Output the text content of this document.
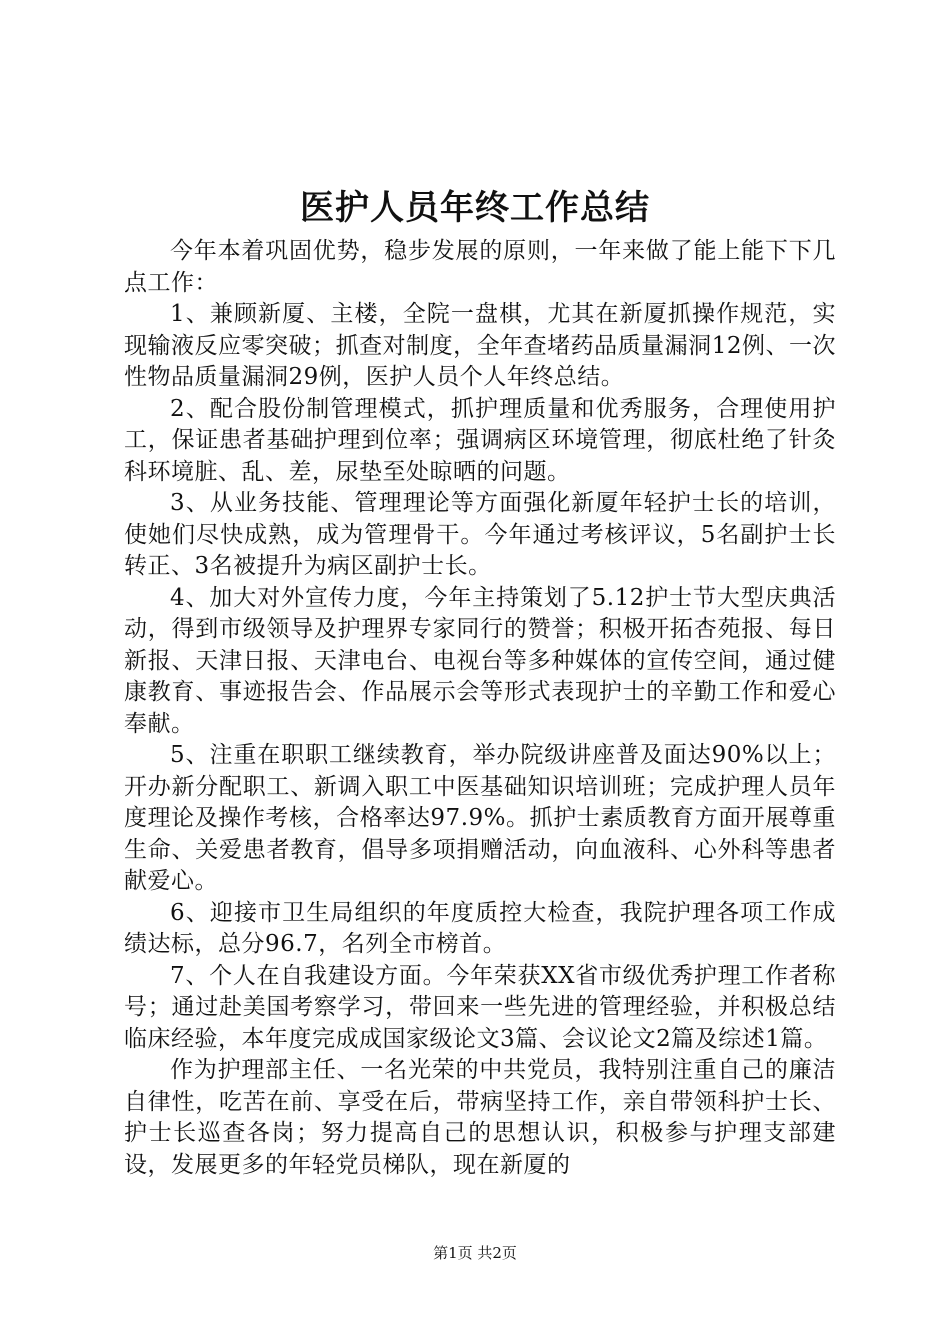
医护人员年终工作总结

今年本着巩固优势，稳步发展的原则，一年来做了能上能下下几点工作：

1、兼顾新厦、主楼，全院一盘棋，尤其在新厦抓操作规范，实现输液反应零突破；抓查对制度，全年查堵药品质量漏洞12例、一次性物品质量漏洞29例，医护人员个人年终总结。

2、配合股份制管理模式，抓护理质量和优秀服务，合理使用护工，保证患者基础护理到位率；强调病区环境管理，彻底杜绝了针灸科环境脏、乱、差，尿垫至处晾晒的问题。

3、从业务技能、管理理论等方面强化新厦年轻护士长的培训，使她们尽快成熟，成为管理骨干。今年通过考核评议，5名副护士长转正、3名被提升为病区副护士长。

4、加大对外宣传力度，今年主持策划了5.12护士节大型庆典活动，得到市级领导及护理界专家同行的赞誉；积极开拓杏苑报、每日新报、天津日报、天津电台、电视台等多种媒体的宣传空间，通过健康教育、事迹报告会、作品展示会等形式表现护士的辛勤工作和爱心奉献。

5、注重在职职工继续教育，举办院级讲座普及面达90%以上；开办新分配职工、新调入职工中医基础知识培训班；完成护理人员年度理论及操作考核，合格率达97.9%。抓护士素质教育方面开展尊重生命、关爱患者教育，倡导多项捐赠活动，向血液科、心外科等患者献爱心。

6、迎接市卫生局组织的年度质控大检查，我院护理各项工作成绩达标，总分96.7，名列全市榜首。

7、个人在自我建设方面。今年荣获XX省市级优秀护理工作者称号；通过赴美国考察学习，带回来一些先进的管理经验，并积极总结临床经验，本年度完成成国家级论文3篇、会议论文2篇及综述1篇。

作为护理部主任、一名光荣的中共党员，我特别注重自己的廉洁自律性，吃苦在前、享受在后，带病坚持工作，亲自带领科护士长、护士长巡查各岗；努力提高自己的思想认识，积极参与护理支部建设，发展更多的年轻党员梯队，现在新厦的

第1页 共2页
